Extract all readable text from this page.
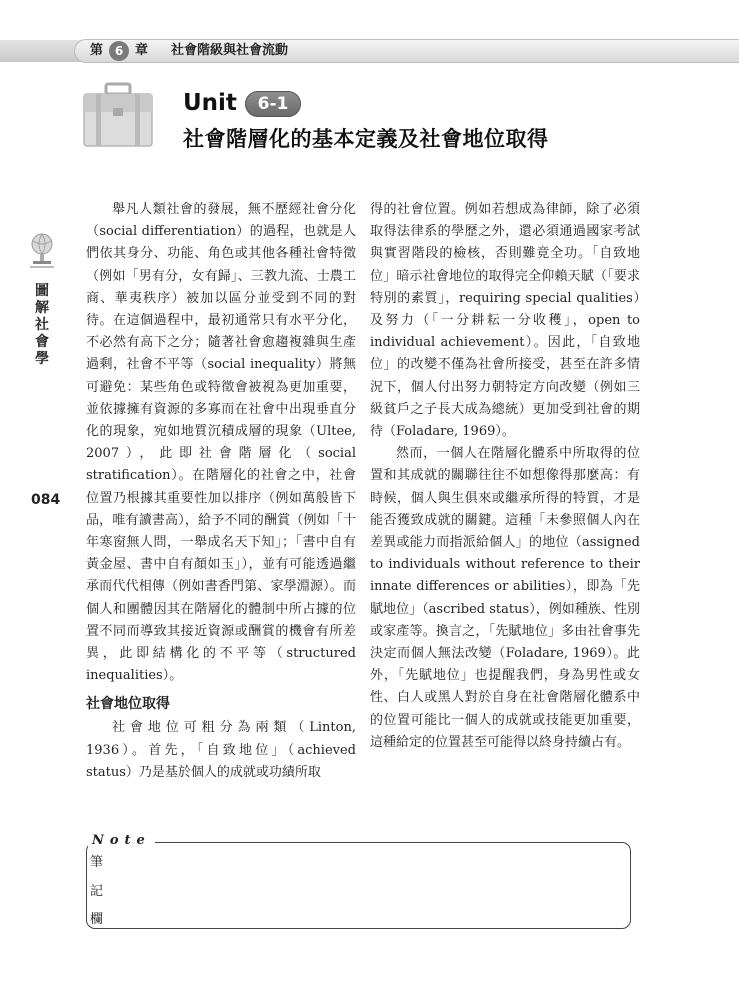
第 6 章 社會階級與社會流動
Unit	6-1
社會階層化的基本定義及社會地位取得
圖解社會學
084

舉凡人類社會的發展，無不歷經社會分化（social differentiation）的過程，也就是人們依其身分、功能、角色或其他各種社會特徵（例如「男有分，女有歸」、三教九流、士農工商、華夷秩序）被加以區分並受到不同的對待。在這個過程中，最初通常只有水平分化，不必然有高下之分；隨著社會愈趨複雜與生產過剩，社會不平等（social inequality）將無可避免：某些角色或特徵會被視為更加重要，並依據擁有資源的多寡而在社會中出現垂直分化的現象，宛如地質沉積成層的現象（Ultee, 2007），此即社會階層化（social stratification）。在階層化的社會之中，社會位置乃根據其重要性加以排序（例如萬般皆下品，唯有讀書高），給予不同的酬賞（例如「十年寒窗無人問，一舉成名天下知」；「書中自有黃金屋、書中自有顏如玉」），並有可能透過繼承而代代相傳（例如書香門第、家學淵源）。而個人和團體因其在階層化的體制中所占據的位置不同而導致其接近資源或酬賞的機會有所差異，此即結構化的不平等（structured inequalities）。

社會地位取得

社會地位可粗分為兩類（Linton, 1936）。首先，「自致地位」（achieved status）乃是基於個人的成就或功績所取

得的社會位置。例如若想成為律師，除了必須取得法律系的學歷之外，還必須通過國家考試與實習階段的檢核，否則難竟全功。「自致地位」暗示社會地位的取得完全仰賴天賦（「要求特別的素質」，requiring special qualities）及努力（「一分耕耘一分收穫」，open to individual achievement）。因此，「自致地位」的改變不僅為社會所接受，甚至在許多情況下，個人付出努力朝特定方向改變（例如三級貧戶之子長大成為總統）更加受到社會的期待（Foladare, 1969）。

然而，一個人在階層化體系中所取得的位置和其成就的關聯往往不如想像得那麼高：有時候，個人與生俱來或繼承所得的特質，才是能否獲致成就的關鍵。這種「未參照個人內在差異或能力而指派給個人」的地位（assigned to individuals without reference to their innate differences or abilities），即為「先賦地位」（ascribed status），例如種族、性別或家產等。換言之，「先賦地位」多由社會事先決定而個人無法改變（Foladare, 1969）。此外，「先賦地位」也提醒我們，身為男性或女性、白人或黑人對於自身在社會階層化體系中的位置可能比一個人的成就或技能更加重要，這種給定的位置甚至可能得以終身持續占有。

Note
筆
記
欄
